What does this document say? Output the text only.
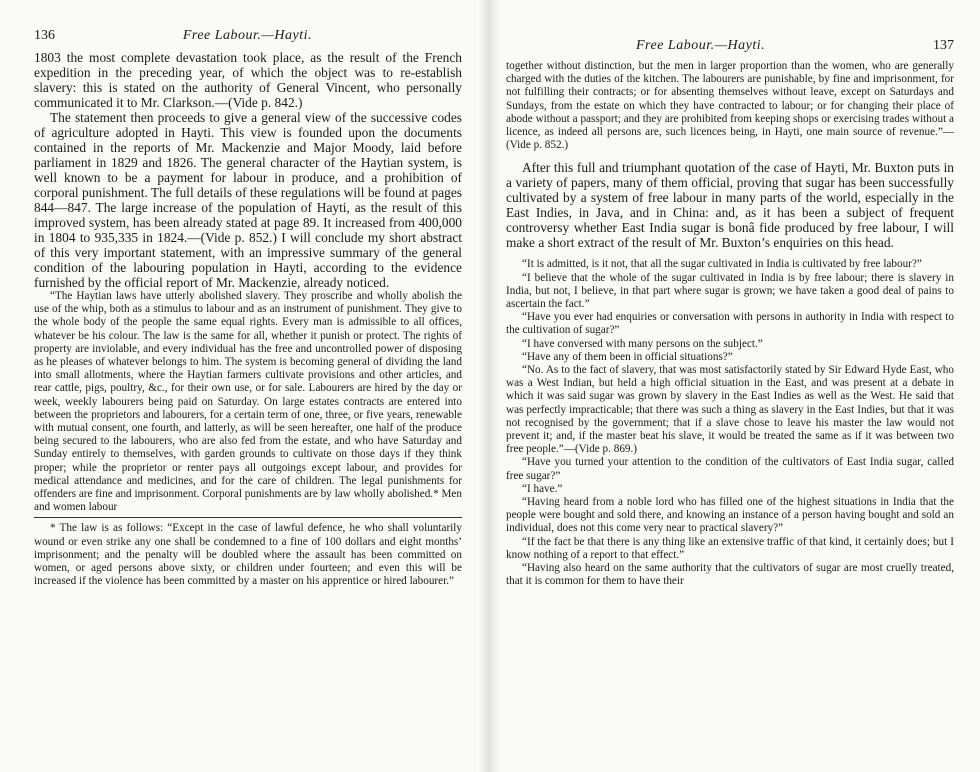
136	Free Labour.—Hayti.

1803 the most complete devastation took place, as the result of the French expedition in the preceding year, of which the object was to re-establish slavery: this is stated on the authority of General Vincent, who personally communicated it to Mr. Clarkson.—(Vide p. 842.)

The statement then proceeds to give a general view of the successive codes of agriculture adopted in Hayti. This view is founded upon the documents contained in the reports of Mr. Mackenzie and Major Moody, laid before parliament in 1829 and 1826. The general character of the Haytian system, is well known to be a payment for labour in produce, and a prohibition of corporal punishment. The full details of these regulations will be found at pages 844—847. The large increase of the population of Hayti, as the result of this improved system, has been already stated at page 89. It increased from 400,000 in 1804 to 935,335 in 1824.—(Vide p. 852.) I will conclude my short abstract of this very important statement, with an impressive summary of the general condition of the labouring population in Hayti, according to the evidence furnished by the official report of Mr. Mackenzie, already noticed.

“The Haytian laws have utterly abolished slavery. They proscribe and wholly abolish the use of the whip, both as a stimulus to labour and as an instrument of punishment. They give to the whole body of the people the same equal rights. Every man is admissible to all offices, whatever be his colour. The law is the same for all, whether it punish or protect. The rights of property are inviolable, and every individual has the free and uncontrolled power of disposing as he pleases of whatever belongs to him. The system is becoming general of dividing the land into small allotments, where the Haytian farmers cultivate provisions and other articles, and rear cattle, pigs, poultry, &c., for their own use, or for sale. Labourers are hired by the day or week, weekly labourers being paid on Saturday. On large estates contracts are entered into between the proprietors and labourers, for a certain term of one, three, or five years, renewable with mutual consent, one fourth, and latterly, as will be seen hereafter, one half of the produce being secured to the labourers, who are also fed from the estate, and who have Saturday and Sunday entirely to themselves, with garden grounds to cultivate on those days if they think proper; while the proprietor or renter pays all outgoings except labour, and provides for medical attendance and medicines, and for the care of children. The legal punishments for offenders are fine and imprisonment. Corporal punishments are by law wholly abolished.* Men and women labour

* The law is as follows: “Except in the case of lawful defence, he who shall voluntarily wound or even strike any one shall be condemned to a fine of 100 dollars and eight months’ imprisonment; and the penalty will be doubled where the assault has been committed on women, or aged persons above sixty, or children under fourteen; and even this will be increased if the violence has been committed by a master on his apprentice or hired labourer.”

Free Labour.—Hayti.	137

together without distinction, but the men in larger proportion than the women, who are generally charged with the duties of the kitchen. The labourers are punishable, by fine and imprisonment, for not fulfilling their contracts; or for absenting themselves without leave, except on Saturdays and Sundays, from the estate on which they have contracted to labour; or for changing their place of abode without a passport; and they are prohibited from keeping shops or exercising trades without a licence, as indeed all persons are, such licences being, in Hayti, one main source of revenue.”—(Vide p. 852.)

After this full and triumphant quotation of the case of Hayti, Mr. Buxton puts in a variety of papers, many of them official, proving that sugar has been successfully cultivated by a system of free labour in many parts of the world, especially in the East Indies, in Java, and in China: and, as it has been a subject of frequent controversy whether East India sugar is bonâ fide produced by free labour, I will make a short extract of the result of Mr. Buxton’s enquiries on this head.

“It is admitted, is it not, that all the sugar cultivated in India is cultivated by free labour?”

“I believe that the whole of the sugar cultivated in India is by free labour; there is slavery in India, but not, I believe, in that part where sugar is grown; we have taken a good deal of pains to ascertain the fact.”

“Have you ever had enquiries or conversation with persons in authority in India with respect to the cultivation of sugar?”

“I have conversed with many persons on the subject.”

“Have any of them been in official situations?”

“No. As to the fact of slavery, that was most satisfactorily stated by Sir Edward Hyde East, who was a West Indian, but held a high official situation in the East, and was present at a debate in which it was said sugar was grown by slavery in the East Indies as well as the West. He said that was perfectly impracticable; that there was such a thing as slavery in the East Indies, but that it was not recognised by the government; that if a slave chose to leave his master the law would not prevent it; and, if the master beat his slave, it would be treated the same as if it was between two free people.”—(Vide p. 869.)

“Have you turned your attention to the condition of the cultivators of East India sugar, called free sugar?”

“I have.”

“Having heard from a noble lord who has filled one of the highest situations in India that the people were bought and sold there, and knowing an instance of a person having bought and sold an individual, does not this come very near to practical slavery?”

“If the fact be that there is any thing like an extensive traffic of that kind, it certainly does; but I know nothing of a report to that effect.”

“Having also heard on the same authority that the cultivators of sugar are most cruelly treated, that it is common for them to have their
